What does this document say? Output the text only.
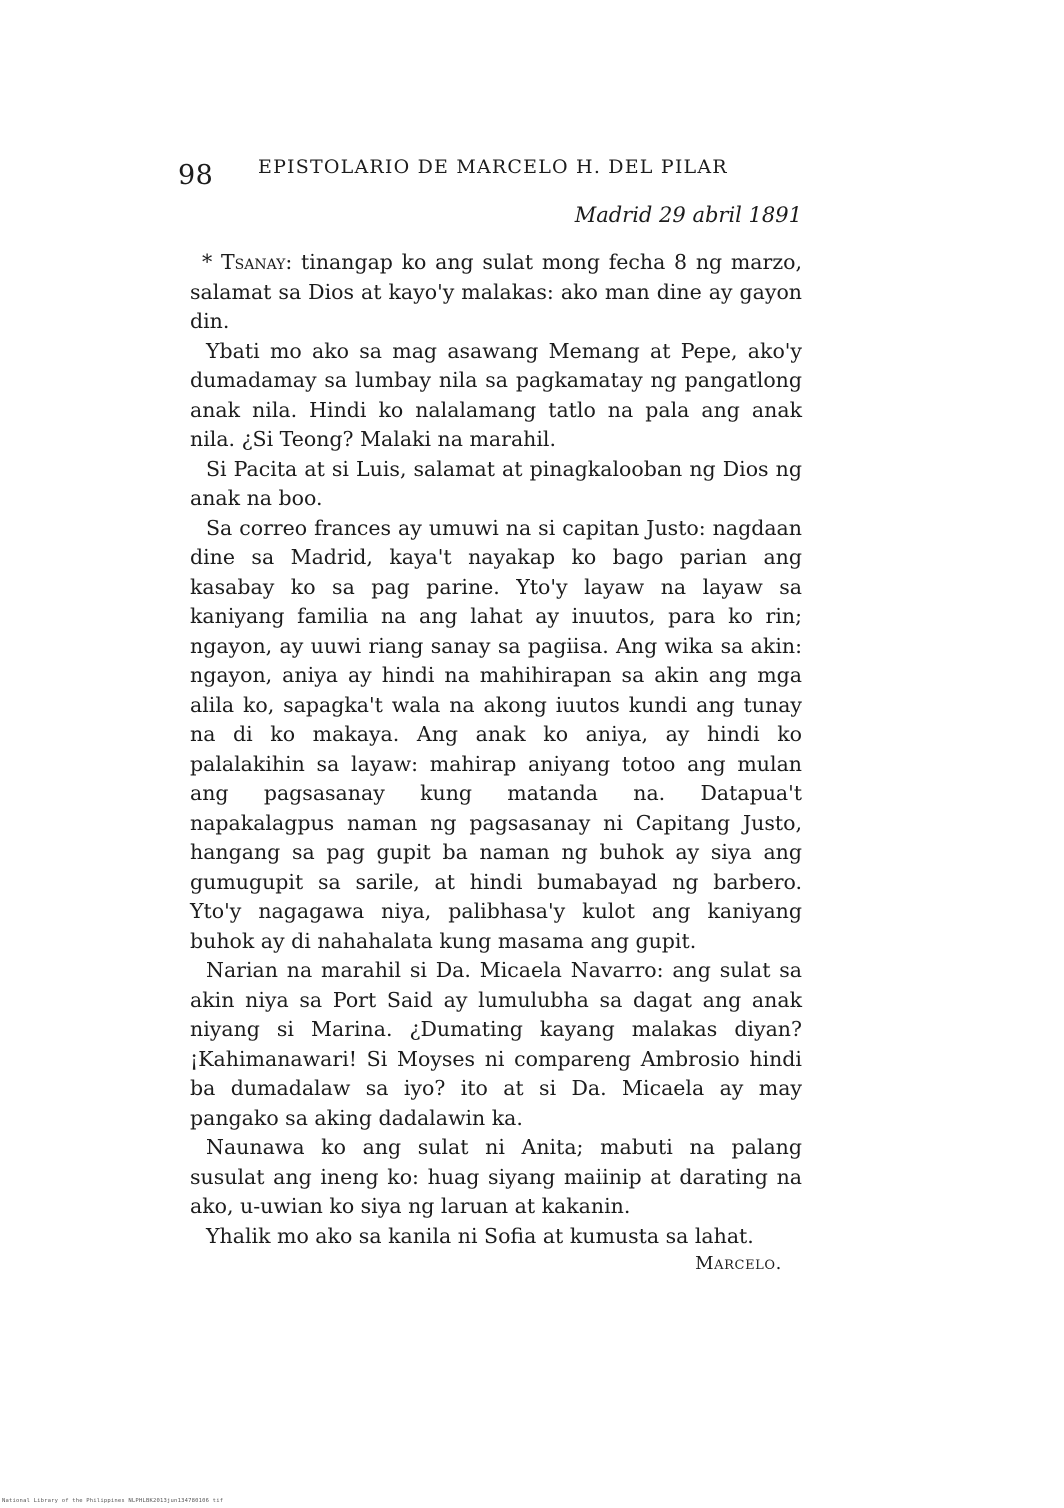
98 EPISTOLARIO DE MARCELO H. DEL PILAR
Madrid 29 abril 1891

* Tsanay: tinangap ko ang sulat mong fecha 8 ng marzo, salamat sa Dios at kayo'y malakas: ako man dine ay gayon din.

Ybati mo ako sa mag asawang Memang at Pepe, ako'y dumadamay sa lumbay nila sa pagkamatay ng pangatlong anak nila. Hindi ko nalalamang tatlo na pala ang anak nila. ¿Si Teong? Malaki na marahil.

Si Pacita at si Luis, salamat at pinagkalooban ng Dios ng anak na boo.

Sa correo frances ay umuwi na si capitan Justo: nagdaan dine sa Madrid, kaya't nayakap ko bago parian ang kasabay ko sa pag parine. Yto'y layaw na layaw sa kaniyang familia na ang lahat ay inuutos, para ko rin; ngayon, ay uuwi riang sanay sa pagiisa. Ang wika sa akin: ngayon, aniya ay hindi na mahihirapan sa akin ang mga alila ko, sapagka't wala na akong iuutos kundi ang tunay na di ko makaya. Ang anak ko aniya, ay hindi ko palalakihin sa layaw: mahirap aniyang totoo ang mulan ang pagsasanay kung matanda na. Datapua't napakalagpus naman ng pagsasanay ni Capitang Justo, hangang sa pag gupit ba naman ng buhok ay siya ang gumugupit sa sarile, at hindi bumabayad ng barbero. Yto'y nagagawa niya, palibhasa'y kulot ang kaniyang buhok ay di nahahalata kung masama ang gupit.

Narian na marahil si Da. Micaela Navarro: ang sulat sa akin niya sa Port Said ay lumulubha sa dagat ang anak niyang si Marina. ¿Dumating kayang malakas diyan? ¡Kahimanawari! Si Moyses ni compareng Ambrosio hindi ba dumadalaw sa iyo? ito at si Da. Micaela ay may pangako sa aking dadalawin ka.

Naunawa ko ang sulat ni Anita; mabuti na palang susulat ang ineng ko: huag siyang maiinip at darating na ako, u-uwian ko siya ng laruan at kakanin.

Yhalik mo ako sa kanila ni Sofia at kumusta sa lahat.

Marcelo.
National Library of the Philippines NLPHLBK2013jun134780106 tif
